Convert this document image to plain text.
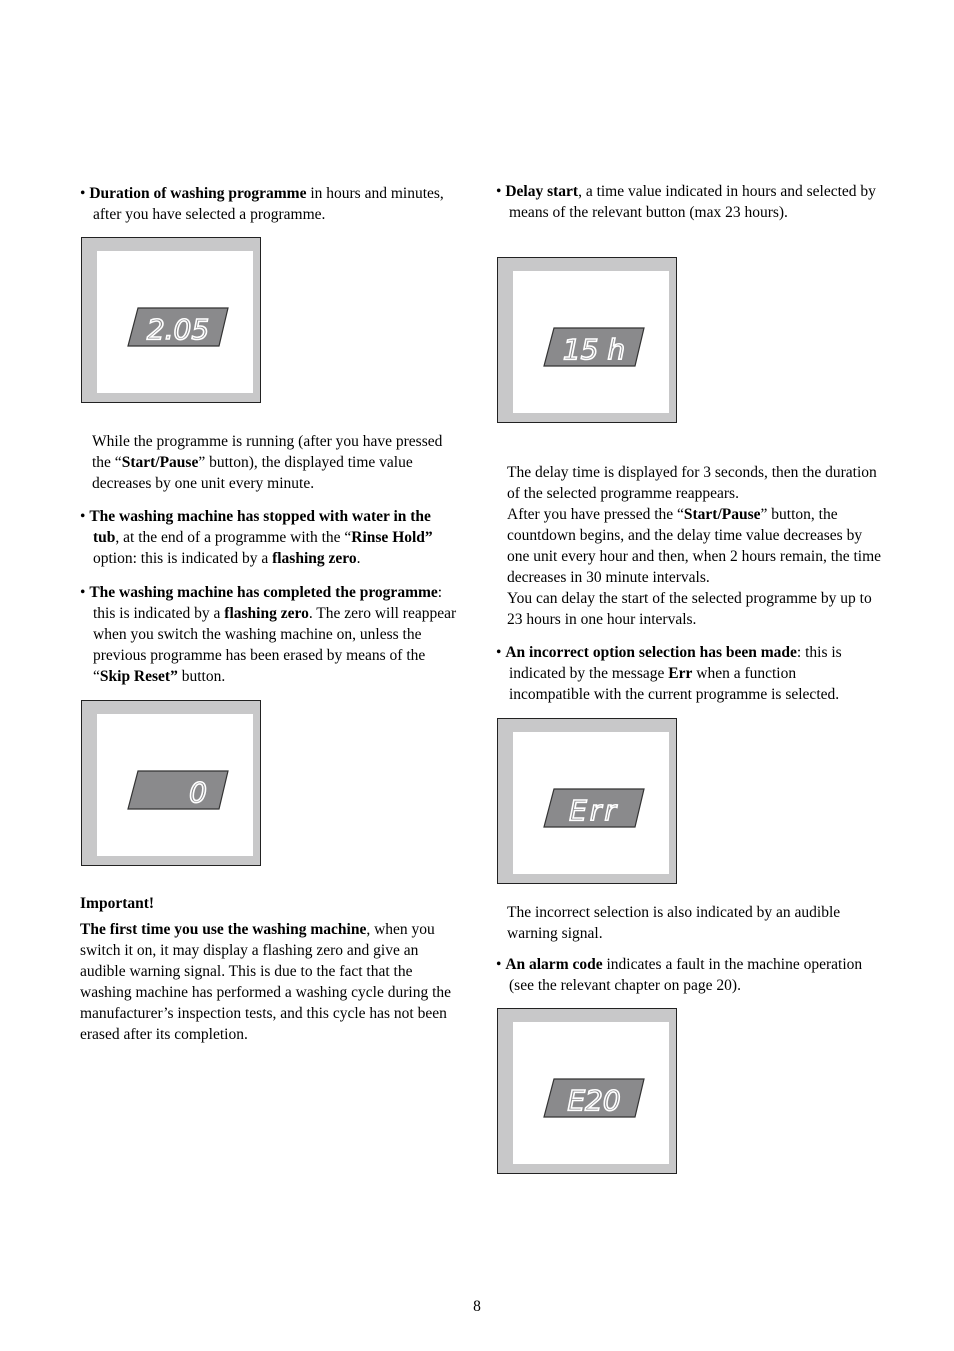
• Duration of washing programme in hours and minutes, after you have selected a programme.

2.05

While the programme is running (after you have pressed the “Start/Pause” button), the displayed time value decreases by one unit every minute.

• The washing machine has stopped with water in the tub, at the end of a programme with the “Rinse Hold” option: this is indicated by a flashing zero.

• The washing machine has completed the programme: this is indicated by a flashing zero. The zero will reappear when you switch the washing machine on, unless the previous programme has been erased by means of the “Skip Reset” button.

0

Important!

The first time you use the washing machine, when you switch it on, it may display a flashing zero and give an audible warning signal. This is due to the fact that the washing machine has performed a washing cycle during the manufacturer’s inspection tests, and this cycle has not been erased after its completion.

• Delay start, a time value indicated in hours and selected by means of the relevant button (max 23 hours).

15 h

The delay time is displayed for 3 seconds, then the duration of the selected programme reappears.

After you have pressed the “Start/Pause” button, the countdown begins, and the delay time value decreases by one unit every hour and then, when 2 hours remain, the time decreases in 30 minute intervals.

You can delay the start of the selected programme by up to 23 hours in one hour intervals.

• An incorrect option selection has been made: this is indicated by the message Err when a function incompatible with the current programme is selected.

Err

The incorrect selection is also indicated by an audible warning signal.

• An alarm code indicates a fault in the machine operation (see the relevant chapter on page 20).

E20
8
